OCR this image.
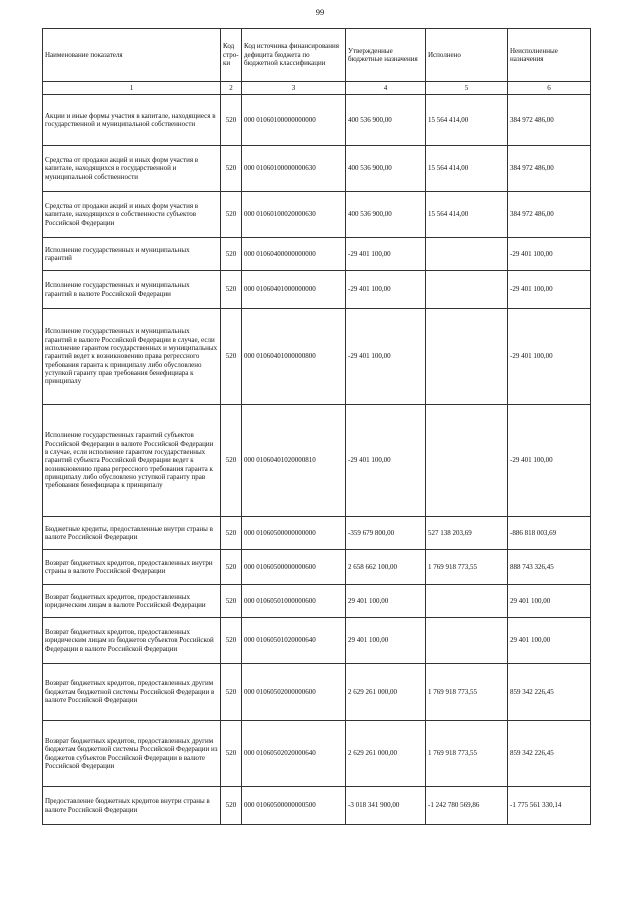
99
Наименование показателя	Код стро-ки	Код источника финансирования дефицита бюджета по бюджетной классификации	Утвержденные бюджетные назначения	Исполнено	Неисполненные назначения
1	2	3	4	5	6
Акции и иные формы участия в капитале, находящиеся в государственной и муниципальной собственности	520	000 01060100000000000	400 536 900,00	15 564 414,00	384 972 486,00
Средства от продажи акций и иных форм участия в капитале, находящихся в государственной и муниципальной собственности	520	000 01060100000000630	400 536 900,00	15 564 414,00	384 972 486,00
Средства от продажи акций и иных форм участия в капитале, находящихся в собственности субъектов Российской Федерации	520	000 01060100020000630	400 536 900,00	15 564 414,00	384 972 486,00
Исполнение государственных и муниципальных гарантий	520	000 01060400000000000	-29 401 100,00		-29 401 100,00
Исполнение государственных и муниципальных гарантий в валюте Российской Федерации	520	000 01060401000000000	-29 401 100,00		-29 401 100,00
Исполнение государственных и муниципальных гарантий в валюте Российской Федерации в случае, если исполнение гарантом государственных и муниципальных гарантий ведет к возникновению права регрессного требования гаранта к принципалу либо обусловлено уступкой гаранту прав требования бенефициара к принципалу	520	000 01060401000000800	-29 401 100,00		-29 401 100,00
Исполнение государственных гарантий субъектов Российской Федерации в валюте Российской Федерации в случае, если исполнение гарантом государственных гарантий субъекта Российской Федерации ведет к возникновению права регрессного требования гаранта к принципалу либо обусловлено уступкой гаранту прав требования бенефициара к принципалу	520	000 01060401020000810	-29 401 100,00		-29 401 100,00
Бюджетные кредиты, предоставленные внутри страны в валюте Российской Федерации	520	000 01060500000000000	-359 679 800,00	527 138 203,69	-886 818 003,69
Возврат бюджетных кредитов, предоставленных внутри страны в валюте Российской Федерации	520	000 01060500000000600	2 658 662 100,00	1 769 918 773,55	888 743 326,45
Возврат бюджетных кредитов, предоставленных юридическим лицам в валюте Российской Федерации	520	000 01060501000000600	29 401 100,00		29 401 100,00
Возврат бюджетных кредитов, предоставленных юридическим лицам из бюджетов субъектов Российской Федерации в валюте Российской Федерации	520	000 01060501020000640	29 401 100,00		29 401 100,00
Возврат бюджетных кредитов, предоставленных другим бюджетам бюджетной системы Российской Федерации в валюте Российской Федерации	520	000 01060502000000600	2 629 261 000,00	1 769 918 773,55	859 342 226,45
Возврат бюджетных кредитов, предоставленных другим бюджетам бюджетной системы Российской Федерации из бюджетов субъектов Российской Федерации в валюте Российской Федерации	520	000 01060502020000640	2 629 261 000,00	1 769 918 773,55	859 342 226,45
Предоставление бюджетных кредитов внутри страны в валюте Российской Федерации	520	000 01060500000000500	-3 018 341 900,00	-1 242 780 569,86	-1 775 561 330,14
